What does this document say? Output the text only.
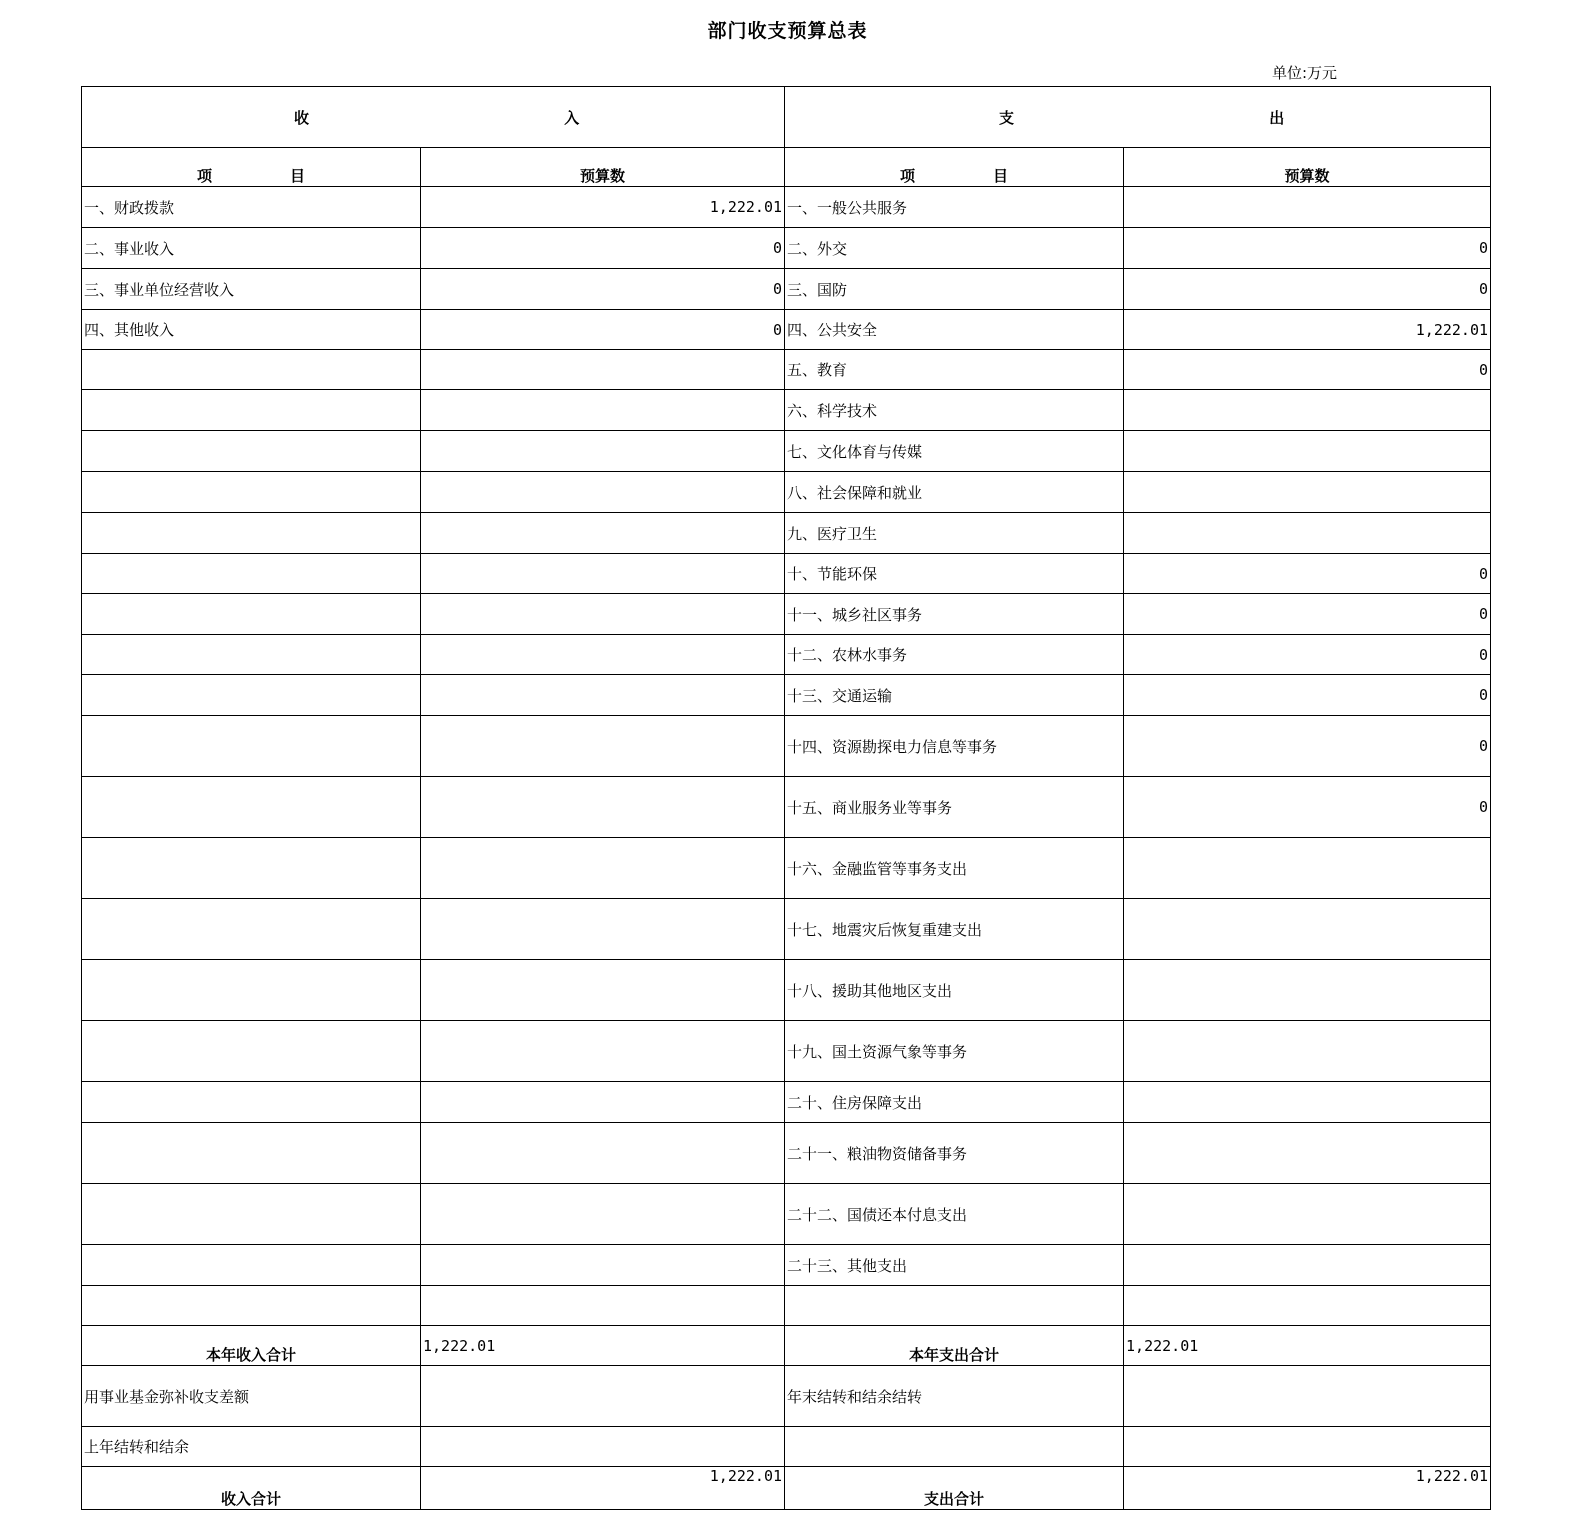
部门收支预算总表
单位:万元
收 入		支 出	
项 目	预算数	项 目	预算数
一、财政拨款	1,222.01	一、一般公共服务	
二、事业收入	0	二、外交	0
三、事业单位经营收入	0	三、国防	0
四、其他收入	0	四、公共安全	1,222.01
		五、教育	0
		六、科学技术	
		七、文化体育与传媒	
		八、社会保障和就业	
		九、医疗卫生	
		十、节能环保	0
		十一、城乡社区事务	0
		十二、农林水事务	0
		十三、交通运输	0
		十四、资源勘探电力信息等事务	0
		十五、商业服务业等事务	0
		十六、金融监管等事务支出	
		十七、地震灾后恢复重建支出	
		十八、援助其他地区支出	
		十九、国土资源气象等事务	
		二十、住房保障支出	
		二十一、粮油物资储备事务	
		二十二、国债还本付息支出	
		二十三、其他支出	

本年收入合计	1,222.01	本年支出合计	1,222.01
用事业基金弥补收支差额		年末结转和结余结转	
上年结转和结余			
收入合计	1,222.01	支出合计	1,222.01
